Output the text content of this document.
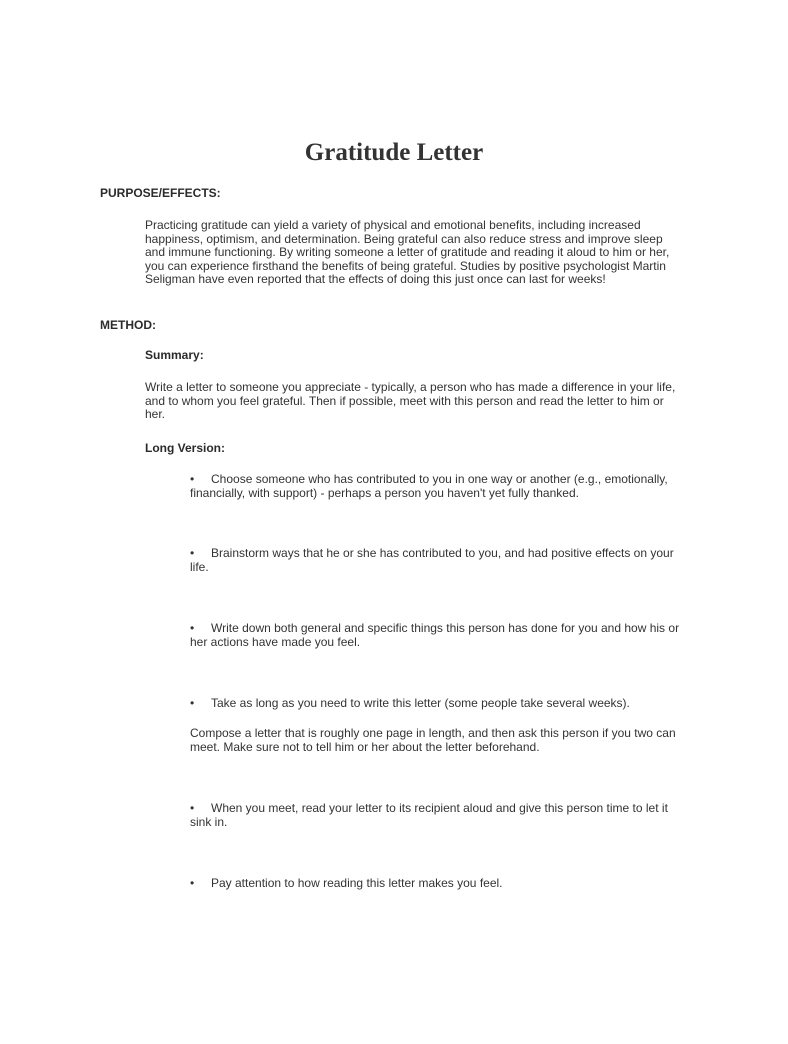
Gratitude Letter
PURPOSE/EFFECTS:
Practicing gratitude can yield a variety of physical and emotional benefits, including increased happiness, optimism, and determination. Being grateful can also reduce stress and improve sleep and immune functioning. By writing someone a letter of gratitude and reading it aloud to him or her, you can experience firsthand the benefits of being grateful. Studies by positive psychologist Martin Seligman have even reported that the effects of doing this just once can last for weeks!
METHOD:
Summary:
Write a letter to someone you appreciate - typically, a person who has made a difference in your life, and to whom you feel grateful. Then if possible, meet with this person and read the letter to him or her.
Long Version:
• Choose someone who has contributed to you in one way or another (e.g., emotionally, financially, with support) - perhaps a person you haven't yet fully thanked.
• Brainstorm ways that he or she has contributed to you, and had positive effects on your life.
• Write down both general and specific things this person has done for you and how his or her actions have made you feel.
• Take as long as you need to write this letter (some people take several weeks).
Compose a letter that is roughly one page in length, and then ask this person if you two can meet. Make sure not to tell him or her about the letter beforehand.
• When you meet, read your letter to its recipient aloud and give this person time to let it sink in.
• Pay attention to how reading this letter makes you feel.
